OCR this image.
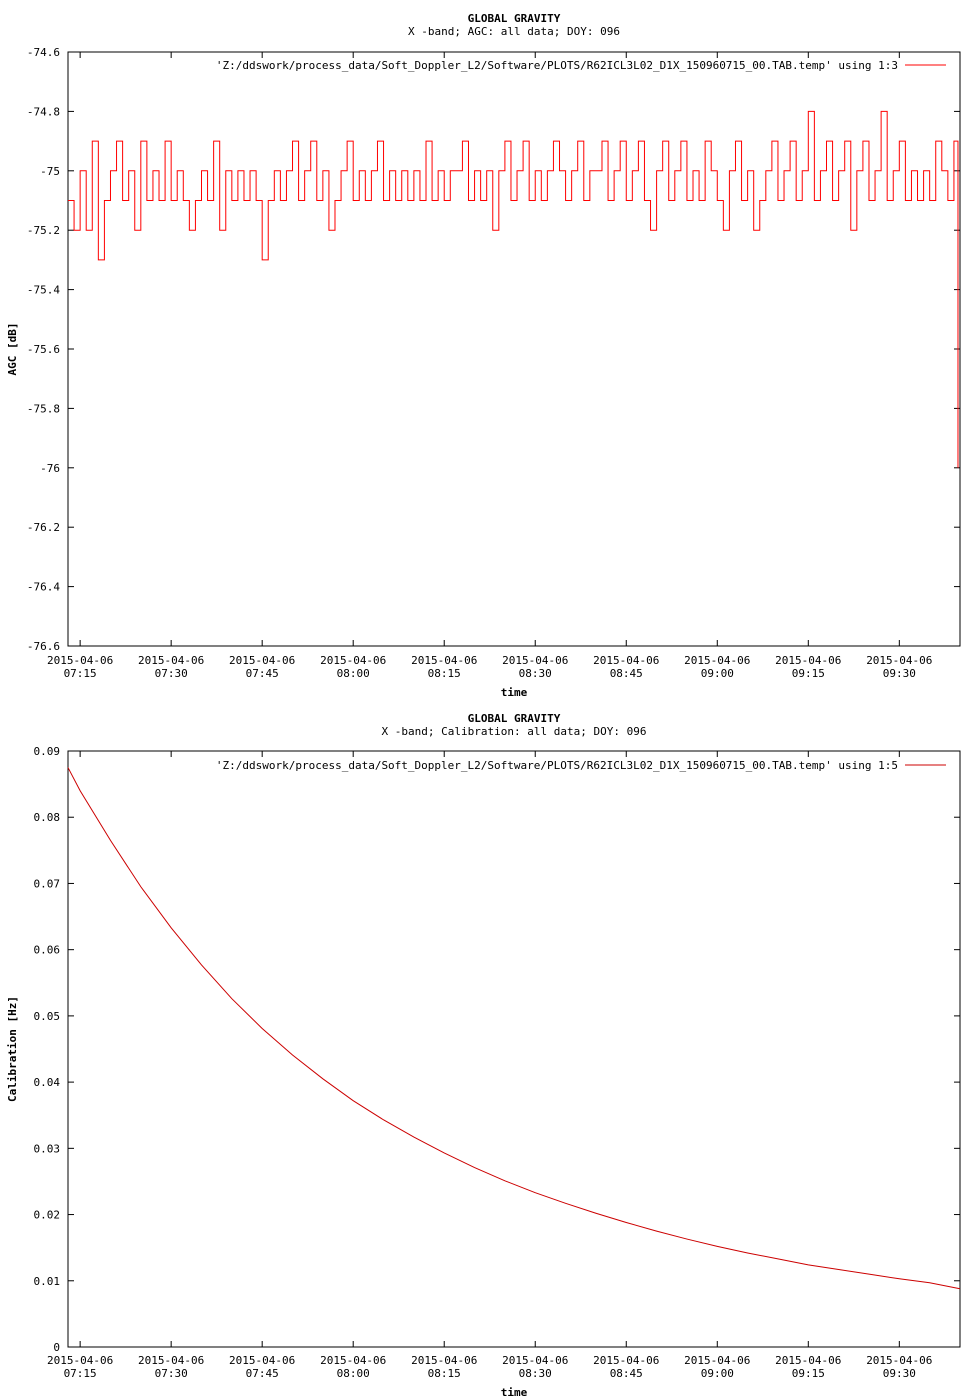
GLOBAL GRAVITY
X -band; AGC: all data; DOY: 096
-74.6
-74.8
-75
-75.2
-75.4
-75.6
-75.8
-76
-76.2
-76.4
-76.6
2015-04-06
07:15
2015-04-06
07:30
2015-04-06
07:45
2015-04-06
08:00
2015-04-06
08:15
2015-04-06
08:30
2015-04-06
08:45
2015-04-06
09:00
2015-04-06
09:15
2015-04-06
09:30
time
AGC [dB]
'Z:/ddswork/process_data/Soft_Doppler_L2/Software/PLOTS/R62ICL3L02_D1X_150960715_00.TAB.temp' using 1:3
GLOBAL GRAVITY
X -band; Calibration: all data; DOY: 096
0.09
0.08
0.07
0.06
0.05
0.04
0.03
0.02
0.01
0
2015-04-06
07:15
2015-04-06
07:30
2015-04-06
07:45
2015-04-06
08:00
2015-04-06
08:15
2015-04-06
08:30
2015-04-06
08:45
2015-04-06
09:00
2015-04-06
09:15
2015-04-06
09:30
time
Calibration [Hz]
'Z:/ddswork/process_data/Soft_Doppler_L2/Software/PLOTS/R62ICL3L02_D1X_150960715_00.TAB.temp' using 1:5
